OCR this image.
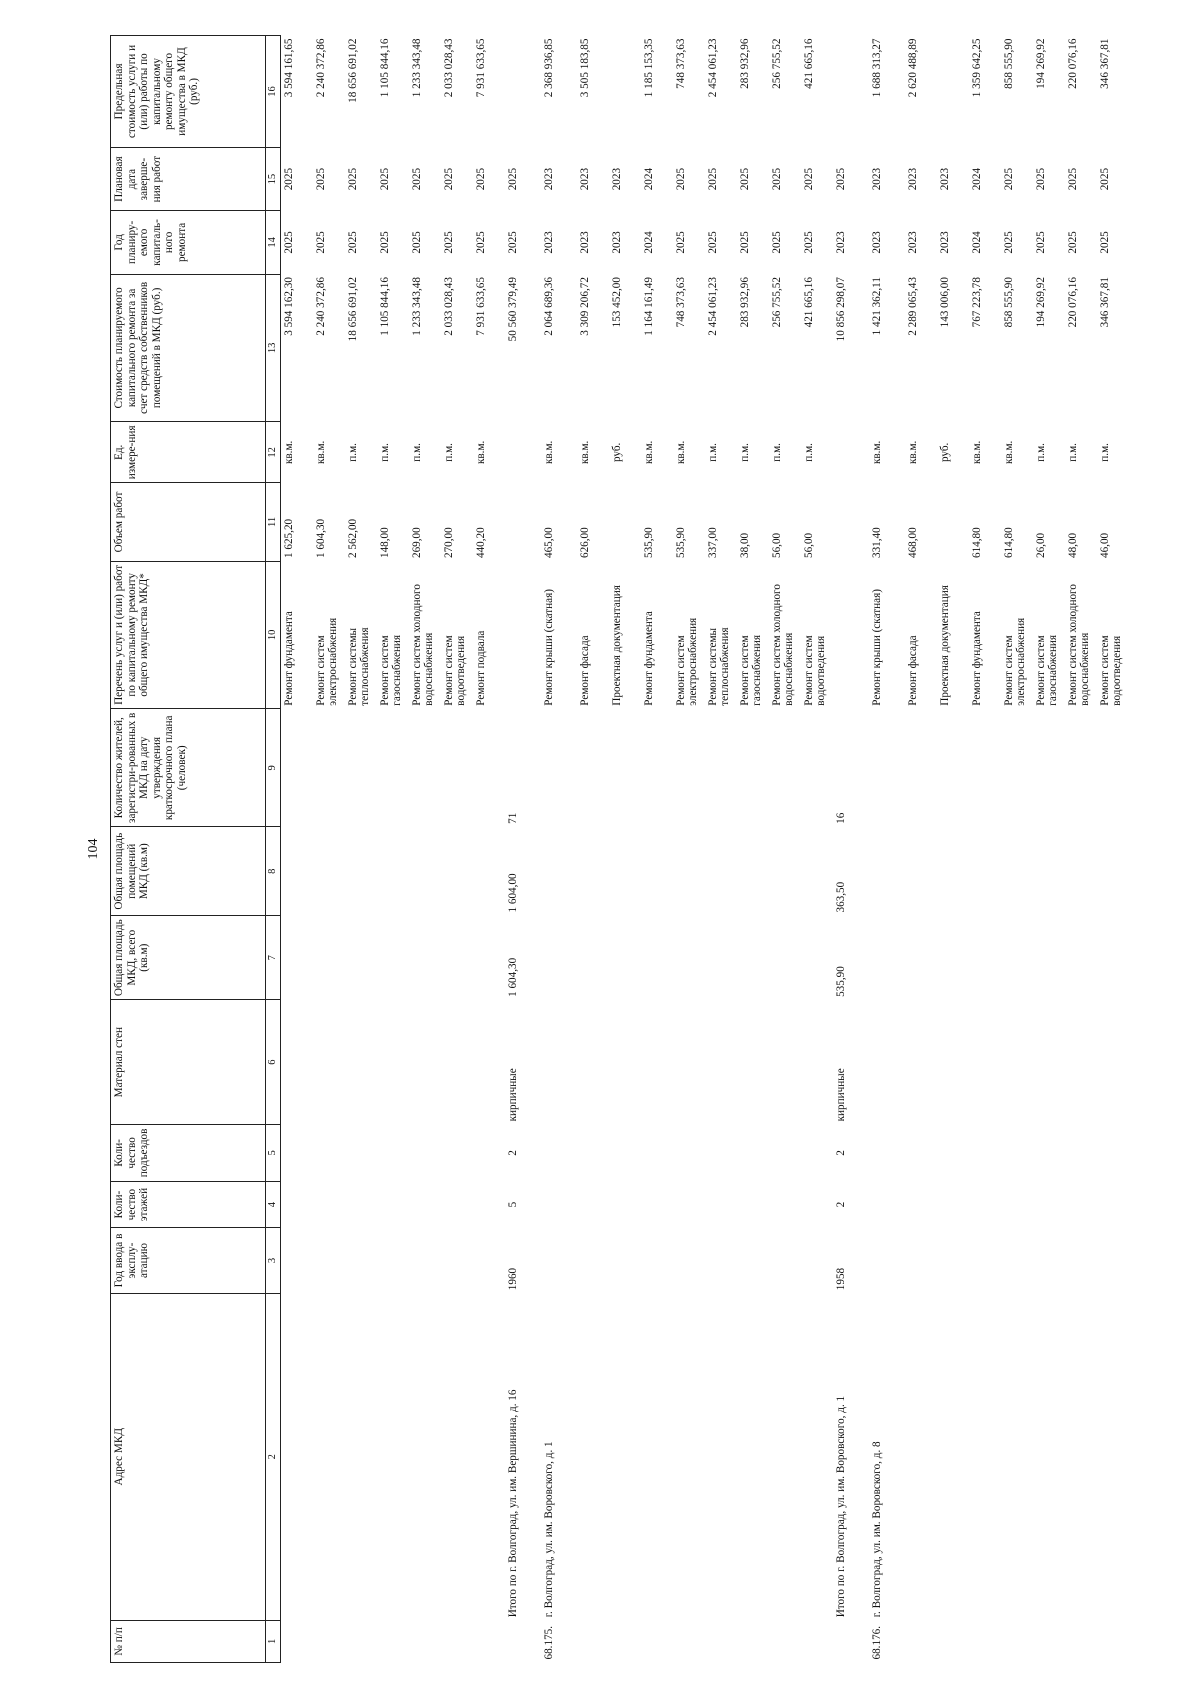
104
№ п/п	Адрес МКД	Год ввода в эксплу-атацию	Коли-чество этажей	Коли-чество подъездов	Материал стен	Общая площадь МКД, всего (кв.м)	Общая площадь помещений МКД (кв.м)	Количество жителей, зарегистри-рованных в МКД на дату утверждения краткосрочного плана (человек)	Перечень услуг и (или) работ по капитальному ремонту общего имущества МКД*	Объем работ	Ед. измере-ния	Стоимость планируемого капитального ремонта за счет средств собственников помещений в МКД (руб.)	Год планиру-емого капиталь-ного ремонта	Плановая дата заверше-ния работ	Предельная стоимость услуги и (или) работы по капитальному ремонту общего имущества в МКД (руб.)
1	2	3	4	5	6	7	8	9	10	11	12	13	14	15	16
									Ремонт фундамента	1 625,20	кв.м.	3 594 162,30	2025	2025	3 594 161,65
									Ремонт систем электроснабжения	1 604,30	кв.м.	2 240 372,86	2025	2025	2 240 372,86
									Ремонт системы теплоснабжения	2 562,00	п.м.	18 656 691,02	2025	2025	18 656 691,02
									Ремонт систем газоснабжения	148,00	п.м.	1 105 844,16	2025	2025	1 105 844,16
									Ремонт систем холодного водоснабжения	269,00	п.м.	1 233 343,48	2025	2025	1 233 343,48
									Ремонт систем водоотведения	270,00	п.м.	2 033 028,43	2025	2025	2 033 028,43
									Ремонт подвала	440,20	кв.м.	7 931 633,65	2025	2025	7 931 633,65
	Итого по г. Волгоград, ул. им. Вершинина, д. 16	1960	5	2	кирпичные	1 604,30	1 604,00	71				50 560 379,49	2025	2025	
68.175.	г. Волгоград, ул. им. Воровского, д. 1								Ремонт крыши (скатная)	465,00	кв.м.	2 064 689,36	2023	2023	2 368 936,85
									Ремонт фасада	626,00	кв.м.	3 309 206,72	2023	2023	3 505 183,85
									Проектная документация		руб.	153 452,00	2023	2023	
									Ремонт фундамента	535,90	кв.м.	1 164 161,49	2024	2024	1 185 153,35
									Ремонт систем электроснабжения	535,90	кв.м.	748 373,63	2025	2025	748 373,63
									Ремонт системы теплоснабжения	337,00	п.м.	2 454 061,23	2025	2025	2 454 061,23
									Ремонт систем газоснабжения	38,00	п.м.	283 932,96	2025	2025	283 932,96
									Ремонт систем холодного водоснабжения	56,00	п.м.	256 755,52	2025	2025	256 755,52
									Ремонт систем водоотведения	56,00	п.м.	421 665,16	2025	2025	421 665,16
	Итого по г. Волгоград, ул. им. Воровского, д. 1	1958	2	2	кирпичные	535,90	363,50	16				10 856 298,07	2023	2025	
68.176.	г. Волгоград, ул. им. Воровского, д. 8								Ремонт крыши (скатная)	331,40	кв.м.	1 421 362,11	2023	2023	1 688 313,27
									Ремонт фасада	468,00	кв.м.	2 289 065,43	2023	2023	2 620 488,89
									Проектная документация		руб.	143 006,00	2023	2023	
									Ремонт фундамента	614,80	кв.м.	767 223,78	2024	2024	1 359 642,25
									Ремонт систем электроснабжения	614,80	кв.м.	858 555,90	2025	2025	858 555,90
									Ремонт систем газоснабжения	26,00	п.м.	194 269,92	2025	2025	194 269,92
									Ремонт систем холодного водоснабжения	48,00	п.м.	220 076,16	2025	2025	220 076,16
									Ремонт систем водоотведения	46,00	п.м.	346 367,81	2025	2025	346 367,81
